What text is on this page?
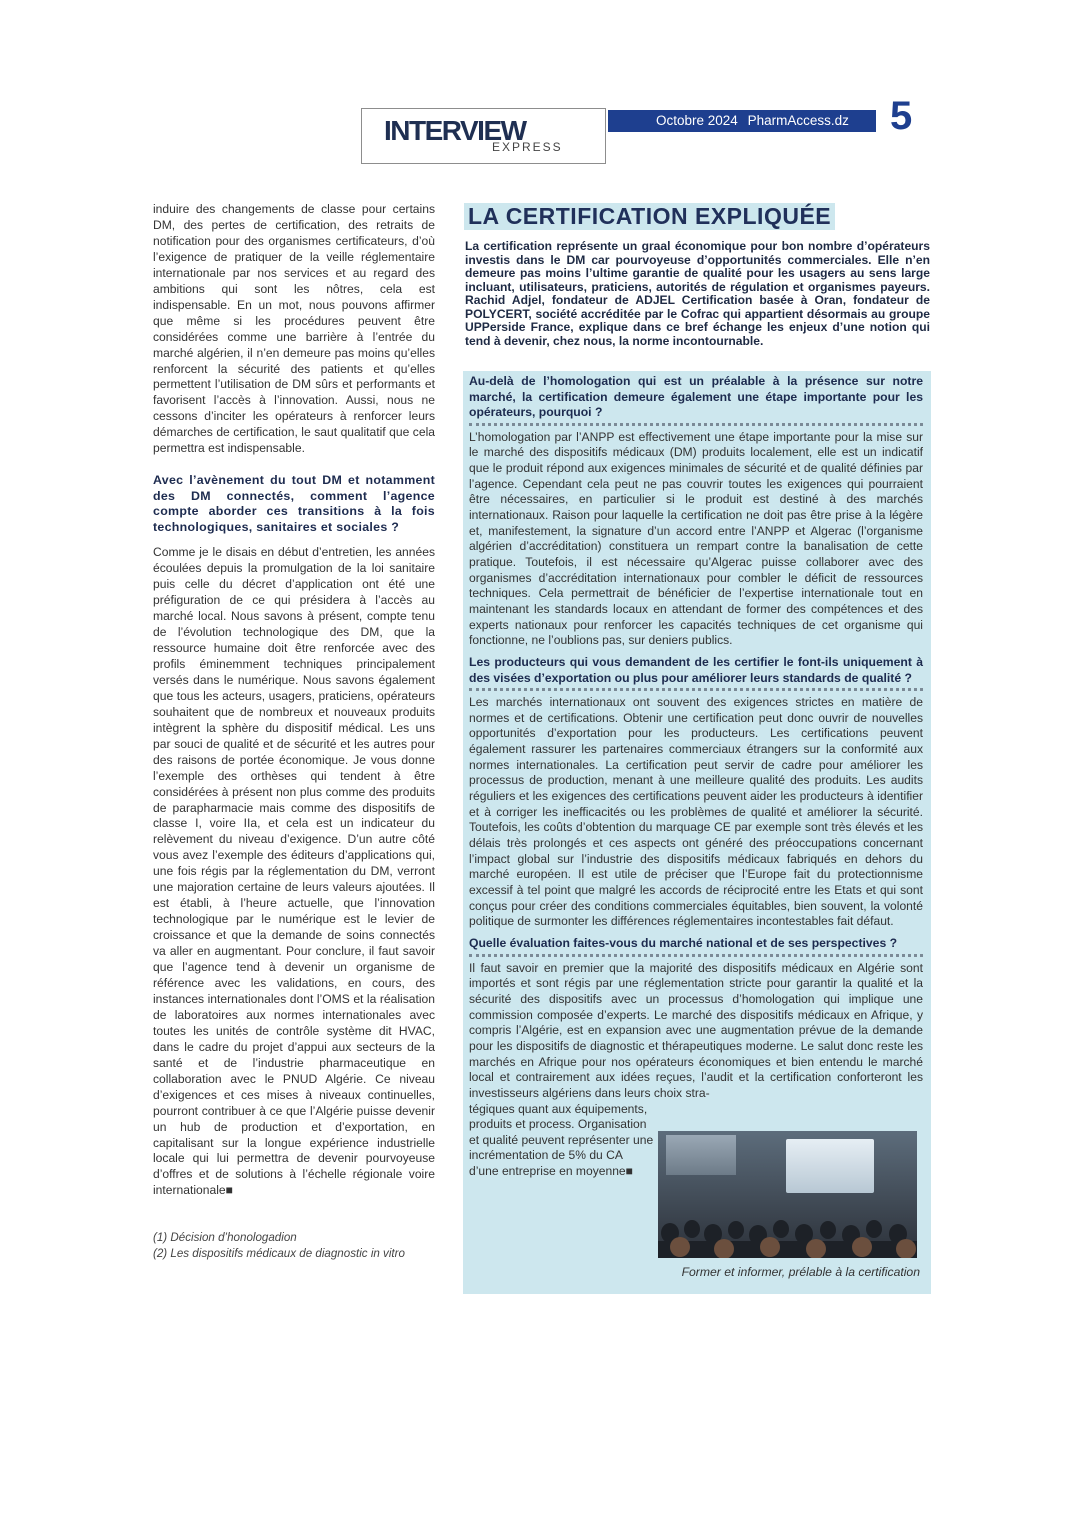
INTERVIEW
EXPRESS
Octobre 2024 PharmAccess.dz	5

induire des changements de classe pour certains DM, des pertes de certification, des retraits de notification pour des organismes certificateurs, d’où l’exigence de pratiquer de la veille réglementaire internationale par nos services et au regard des ambitions qui sont les nôtres, cela est indispensable. En un mot, nous pouvons affirmer que même si les procédures peuvent être considérées comme une barrière à l’entrée du marché algérien, il n’en demeure pas moins qu’elles renforcent la sécurité des patients et qu’elles permettent l’utilisation de DM sûrs et performants et favorisent l’accès à l’innovation. Aussi, nous ne cessons d’inciter les opérateurs à renforcer leurs démarches de certification, le saut qualitatif que cela permettra est indispensable.

Avec l’avènement du tout DM et notamment des DM connectés, comment l’agence compte aborder ces transitions à la fois technologiques, sanitaires et sociales ?

Comme je le disais en début d’entretien, les années écoulées depuis la promulgation de la loi sanitaire puis celle du décret d’application ont été une préfiguration de ce qui présidera à l’accès au marché local. Nous savons à présent, compte tenu de l’évolution technologique des DM, que la ressource humaine doit être renforcée avec des profils éminemment techniques principalement versés dans le numérique. Nous savons également que tous les acteurs, usagers, praticiens, opérateurs souhaitent que de nombreux et nouveaux produits intègrent la sphère du dispositif médical. Les uns par souci de qualité et de sécurité et les autres pour des raisons de portée économique. Je vous donne l’exemple des orthèses qui tendent à être considérées à présent non plus comme des produits de parapharmacie mais comme des dispositifs de classe I, voire IIa, et cela est un indicateur du relèvement du niveau d’exigence. D’un autre côté vous avez l’exemple des éditeurs d’applications qui, une fois régis par la réglementation du DM, verront une majoration certaine de leurs valeurs ajoutées. Il est établi, à l’heure actuelle, que l’innovation technologique par le numérique est le levier de croissance et que la demande de soins connectés va aller en augmentant. Pour conclure, il faut savoir que l’agence tend à devenir un organisme de référence avec les validations, en cours, des instances internationales dont l’OMS et la réalisation de laboratoires aux normes internationales avec toutes les unités de contrôle système dit HVAC, dans le cadre du projet d’appui aux secteurs de la santé et de l’industrie pharmaceutique en collaboration avec le PNUD Algérie. Ce niveau d’exigences et ces mises à niveaux continuelles, pourront contribuer à ce que l’Algérie puisse devenir un hub de production et d’exportation, en capitalisant sur la longue expérience industrielle locale qui lui permettra de devenir pourvoyeuse d’offres et de solutions à l’échelle régionale voire internationale■

(1) Décision d’honologadion
(2) Les dispositifs médicaux de diagnostic in vitro
LA CERTIFICATION EXPLIQUÉE

La certification représente un graal économique pour bon nombre d’opérateurs investis dans le DM car pourvoyeuse d’opportunités commerciales. Elle n’en demeure pas moins l’ultime garantie de qualité pour les usagers au sens large incluant, utilisateurs, praticiens, autorités de régulation et organismes payeurs. Rachid Adjel, fondateur de ADJEL Certification basée à Oran, fondateur de POLYCERT, société accréditée par le Cofrac qui appartient désormais au groupe UPPerside France, explique dans ce bref échange les enjeux d’une notion qui tend à devenir, chez nous, la norme incontournable.

Au-delà de l’homologation qui est un préalable à la présence sur notre marché, la certification demeure également une étape importante pour les opérateurs, pourquoi ?

L’homologation par l’ANPP est effectivement une étape importante pour la mise sur le marché des dispositifs médicaux (DM) produits localement, elle est un indicatif que le produit répond aux exigences minimales de sécurité et de qualité définies par l’agence. Cependant cela peut ne pas couvrir toutes les exigences qui pourraient être nécessaires, en particulier si le produit est destiné à des marchés internationaux. Raison pour laquelle la certification ne doit pas être prise à la légère et, manifestement, la signature d’un accord entre l’ANPP et Algerac (l’organisme algérien d’accréditation) constituera un rempart contre la banalisation de cette pratique. Toutefois, il est nécessaire qu’Algerac puisse collaborer avec des organismes d’accréditation internationaux pour combler le déficit de ressources techniques. Cela permettrait de bénéficier de l’expertise internationale tout en maintenant les standards locaux en attendant de former des compétences et des experts nationaux pour renforcer les capacités techniques de cet organisme qui fonctionne, ne l’oublions pas, sur deniers publics.

Les producteurs qui vous demandent de les certifier le font-ils uniquement à des visées d’exportation ou plus pour améliorer leurs standards de qualité ?

Les marchés internationaux ont souvent des exigences strictes en matière de normes et de certifications. Obtenir une certification peut donc ouvrir de nouvelles opportunités d’exportation pour les producteurs. Les certifications peuvent également rassurer les partenaires commerciaux étrangers sur la conformité aux normes internationales. La certification peut servir de cadre pour améliorer les processus de production, menant à une meilleure qualité des produits. Les audits réguliers et les exigences des certifications peuvent aider les producteurs à identifier et à corriger les inefficacités ou les problèmes de qualité et améliorer la sécurité. Toutefois, les coûts d’obtention du marquage CE par exemple sont très élevés et les délais très prolongés et ces aspects ont généré des préoccupations concernant l’impact global sur l’industrie des dispositifs médicaux fabriqués en dehors du marché européen. Il est utile de préciser que l’Europe fait du protectionnisme excessif à tel point que malgré les accords de réciprocité entre les Etats et qui sont conçus pour créer des conditions commerciales équitables, bien souvent, la volonté politique de surmonter les différences réglementaires incontestables fait défaut.

Quelle évaluation faites-vous du marché national et de ses perspectives ?

Il faut savoir en premier que la majorité des dispositifs médicaux en Algérie sont importés et sont régis par une réglementation stricte pour garantir la qualité et la sécurité des dispositifs avec un processus d’homologation qui implique une commission composée d’experts. Le marché des dispositifs médicaux en Afrique, y compris l’Algérie, est en expansion avec une augmentation prévue de la demande pour les dispositifs de diagnostic et thérapeutiques moderne. Le salut donc reste les marchés en Afrique pour nos opérateurs économiques et bien entendu le marché local et contrairement aux idées reçues, l’audit et la certification conforteront les investisseurs algériens dans leurs choix stra-

tégiques quant aux équipements, produits et process. Organisation et qualité peuvent représenter une incrémentation de 5% du CA d’une entreprise en moyenne■

Former et informer, prélable à la certification
